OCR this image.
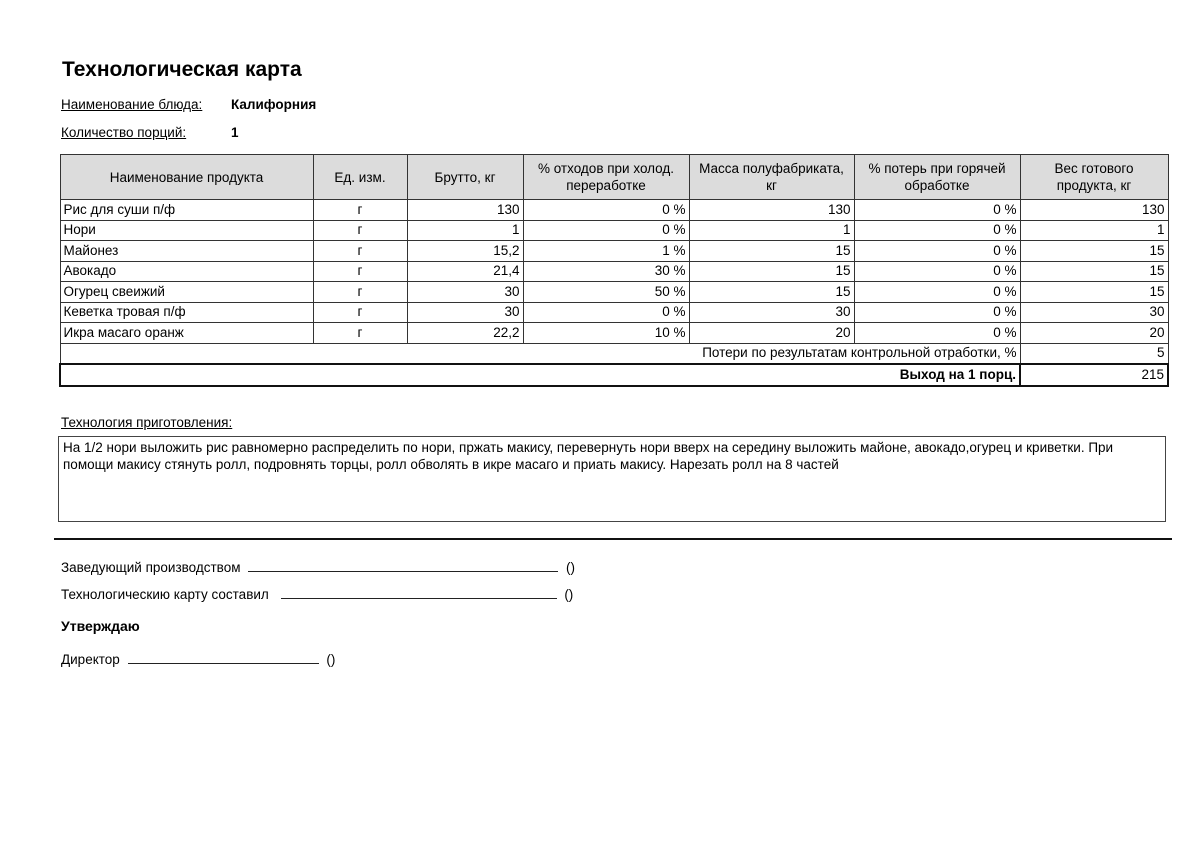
Технологическая карта
Наименование блюда: Калифорния
Количество порций:	1
Наименование продукта	Ед. изм.	Брутто, кг	% отходов при холод. переработке	Масса полуфабриката, кг	% потерь при горячей обработке	Вес готового продукта, кг
Рис для суши п/ф	г	130	0 %	130	0 %	130
Нори	г	1	0 %	1	0 %	1
Майонез	г	15,2	1 %	15	0 %	15
Авокадо	г	21,4	30 %	15	0 %	15
Огурец свеижий	г	30	50 %	15	0 %	15
Кеветка тровая п/ф	г	30	0 %	30	0 %	30
Икра масаго оранж	г	22,2	10 %	20	0 %	20
Потери по результатам контрольной отработки, %						5
Выход на 1 порц.						215
Технология приготовления:
На 1/2 нори выложить рис равномерно распределить по нори, пржать макису, перевернуть нори вверх на середину выложить майоне, авокадо,огурец и криветки. При помощи макису стянуть ролл, подровнять торцы, ролл обволять в икре масаго и приать макису. Нарезать ролл на 8 частей
Заведующий производством	()
Технологическию карту составил	()
Утверждаю
Директор	()
